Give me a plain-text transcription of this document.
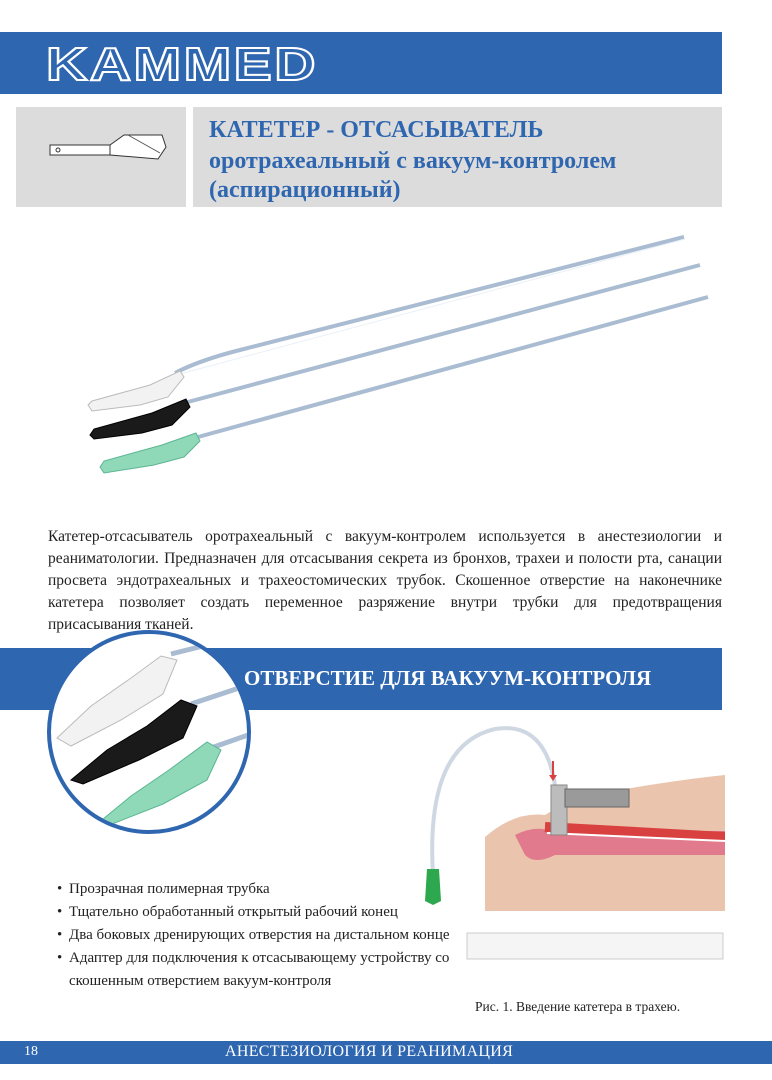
KAMMED
КАТЕТЕР - ОТСАСЫВАТЕЛЬ
оротрахеальный с вакуум-контролем (аспирационный)
Катетер-отсасыватель оротрахеальный с вакуум-контролем используется в анестезиологии и реаниматологии. Предназначен для отсасывания секрета из бронхов, трахеи и полости рта, санации просвета эндотрахеальных и трахеостомических трубок. Скошенное отверстие на наконечнике катетера позволяет создать переменное разряжение внутри трубки для предотвращения присасывания тканей.
ОТВЕРСТИЕ ДЛЯ ВАКУУМ-КОНТРОЛЯ
• Прозрачная полимерная трубка
• Тщательно обработанный открытый рабочий конец
• Два боковых дренирующих отверстия на дистальном конце
• Адаптер для подключения к отсасывающему устройству со скошенным отверстием вакуум-контроля
Рис. 1. Введение катетера в трахею.
18	АНЕСТЕЗИОЛОГИЯ И РЕАНИМАЦИЯ
